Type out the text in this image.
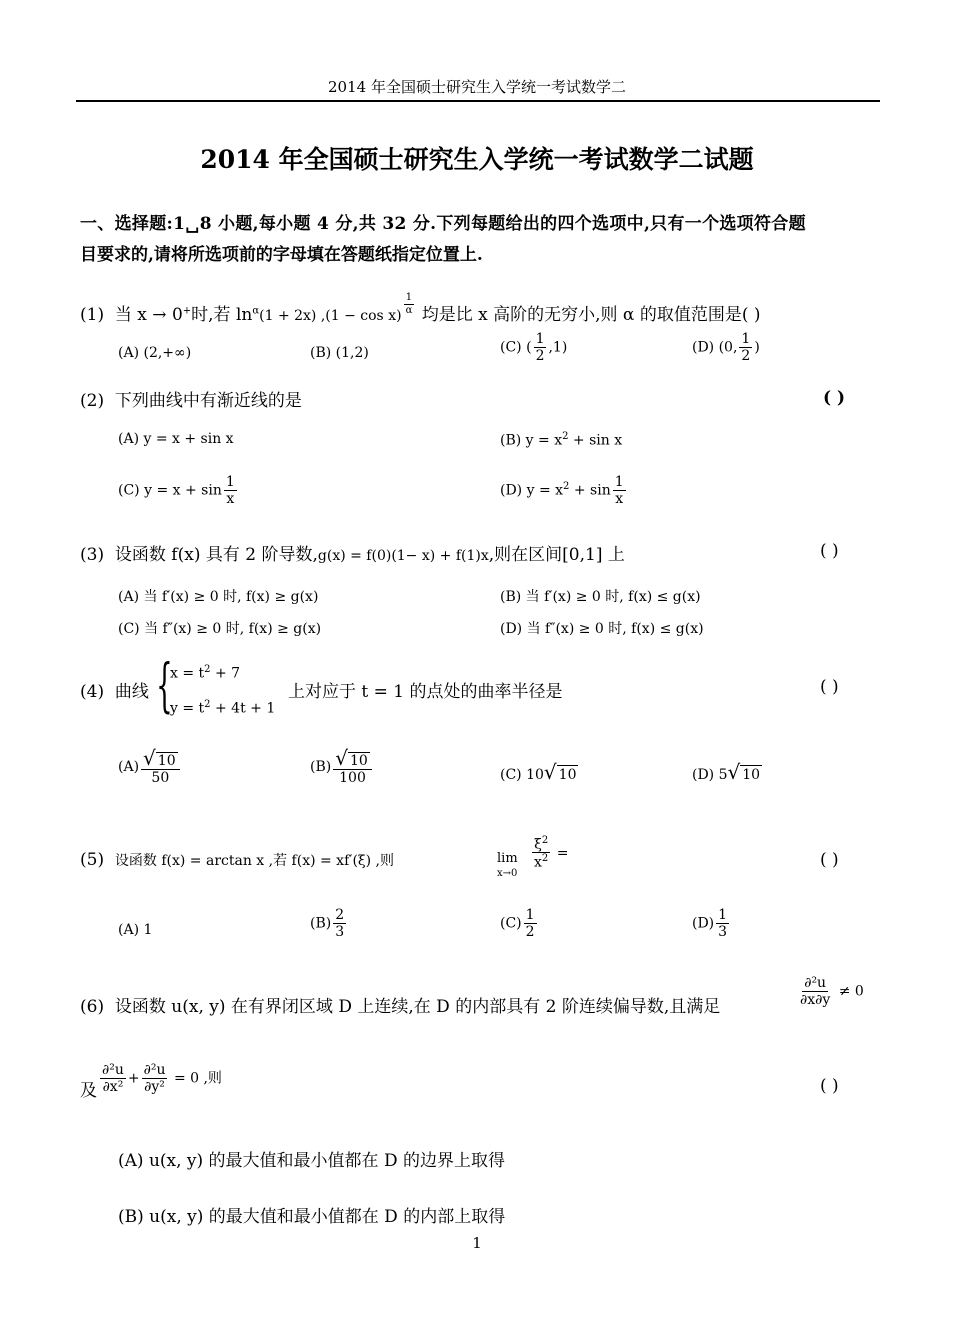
2014 年全国硕士研究生入学统一考试数学二
2014 年全国硕士研究生入学统一考试数学二试题
一、选择题:1␣8 小题,每小题 4 分,共 32 分.下列每题给出的四个选项中,只有一个选项符合题
目要求的,请将所选项前的字母填在答题纸指定位置上.
(1) 当 x → 0+时,若 $\ln^\alpha(1 + 2x) ,(1 - \cos x) \frac{1}{\alpha}$ 均是比 x 高阶的无穷小,则 α 的取值范围是( )
(A) (2,+∞)	(B) (1,2)	(C) ( $\frac{1}{2} ,1$)	(D) (0, $\frac{1}{2}$ )
(2) 下列曲线中有渐近线的是	( )
(A) y = x + sin x	(B) $y = x^2 + \sin x$
(C) $y = x + \sin \frac{1}{x}$	(D) $y = x^2 + \sin \frac{1}{x}$
(3) 设函数 f(x) 具有 2 阶导数,g(x) = f(0)(1− x) + f(1)x,则在区间[0,1] 上	( )
(A) 当 f′(x) ≥ 0 时, f(x) ≥ g(x)	(B) 当 f′(x) ≥ 0 时, f(x) ≤ g(x)
(C) 当 f″(x) ≥ 0 时, f(x) ≥ g(x)	(D) 当 f″(x) ≥ 0 时, f(x) ≤ g(x)
(4) 曲线 {
$x = t^2 + 7$
$y = t^2 + 4t + 1$
上对应于 t = 1 的点处的曲率半径是	( )
$(A) \frac{√ 10}{50}$	$(B) \frac{√ 10}{100}$	(C) 10√ 10	(D) 5√ 10
(5) 设函数 f(x) = arctan x ,若 f(x) = xf′(ξ) ,则	lim
x→0
$\frac{\xi^2}{x^2}$ =	( )
(A) 1	$(B) \frac{2}{3}$	$(C) \frac{1}{2}$	$(D) \frac{1}{3}$
(6) 设函数 u(x, y) 在有界闭区域 D 上连续,在 D 的内部具有 2 阶连续偏导数,且满足	$\frac{\text{∂²u}}{\partial x\partial y} \ne 0$
及 $\frac{\text{∂²u}}{\text{∂x²}} + \frac{\text{∂²u}}{\text{∂y²}} = 0$ ,则	( )
(A) u(x, y) 的最大值和最小值都在 D 的边界上取得
(B) u(x, y) 的最大值和最小值都在 D 的内部上取得
1
